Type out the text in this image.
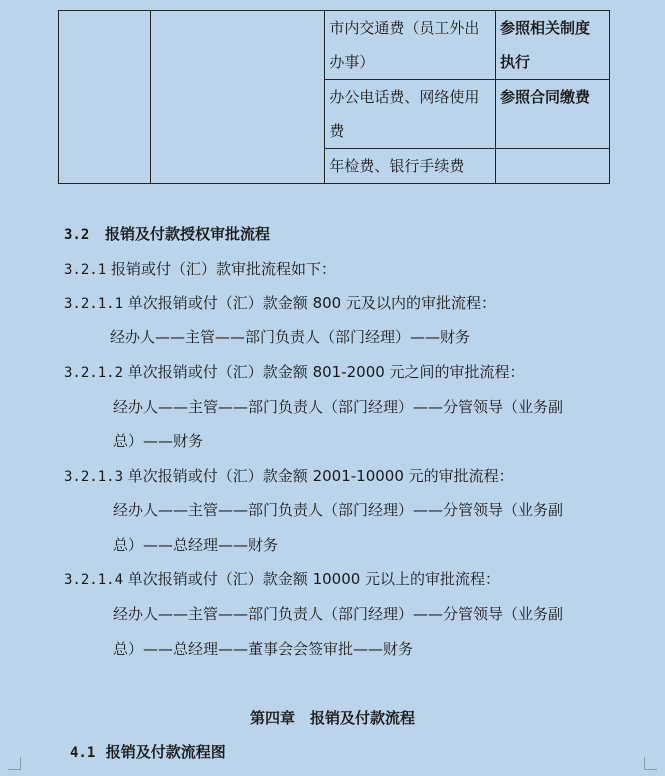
		市内交通费（员工外出
办事）	参照相关制度
执行
		办公电话费、网络使用
费	参照合同缴费
		年检费、银行手续费	
3.2 报销及付款授权审批流程
3.2.1 报销或付（汇）款审批流程如下：
3.2.1.1 单次报销或付（汇）款金额 800 元及以内的审批流程：
经办人——主管——部门负责人（部门经理）——财务
3.2.1.2 单次报销或付（汇）款金额 801-2000 元之间的审批流程：
经办人——主管——部门负责人（部门经理）——分管领导（业务副
总）——财务
3.2.1.3 单次报销或付（汇）款金额 2001-10000 元的审批流程：
经办人——主管——部门负责人（部门经理）——分管领导（业务副
总）——总经理——财务
3.2.1.4 单次报销或付（汇）款金额 10000 元以上的审批流程：
经办人——主管——部门负责人（部门经理）——分管领导（业务副
总）——总经理——董事会会签审批——财务
第四章　报销及付款流程
4.1 报销及付款流程图
